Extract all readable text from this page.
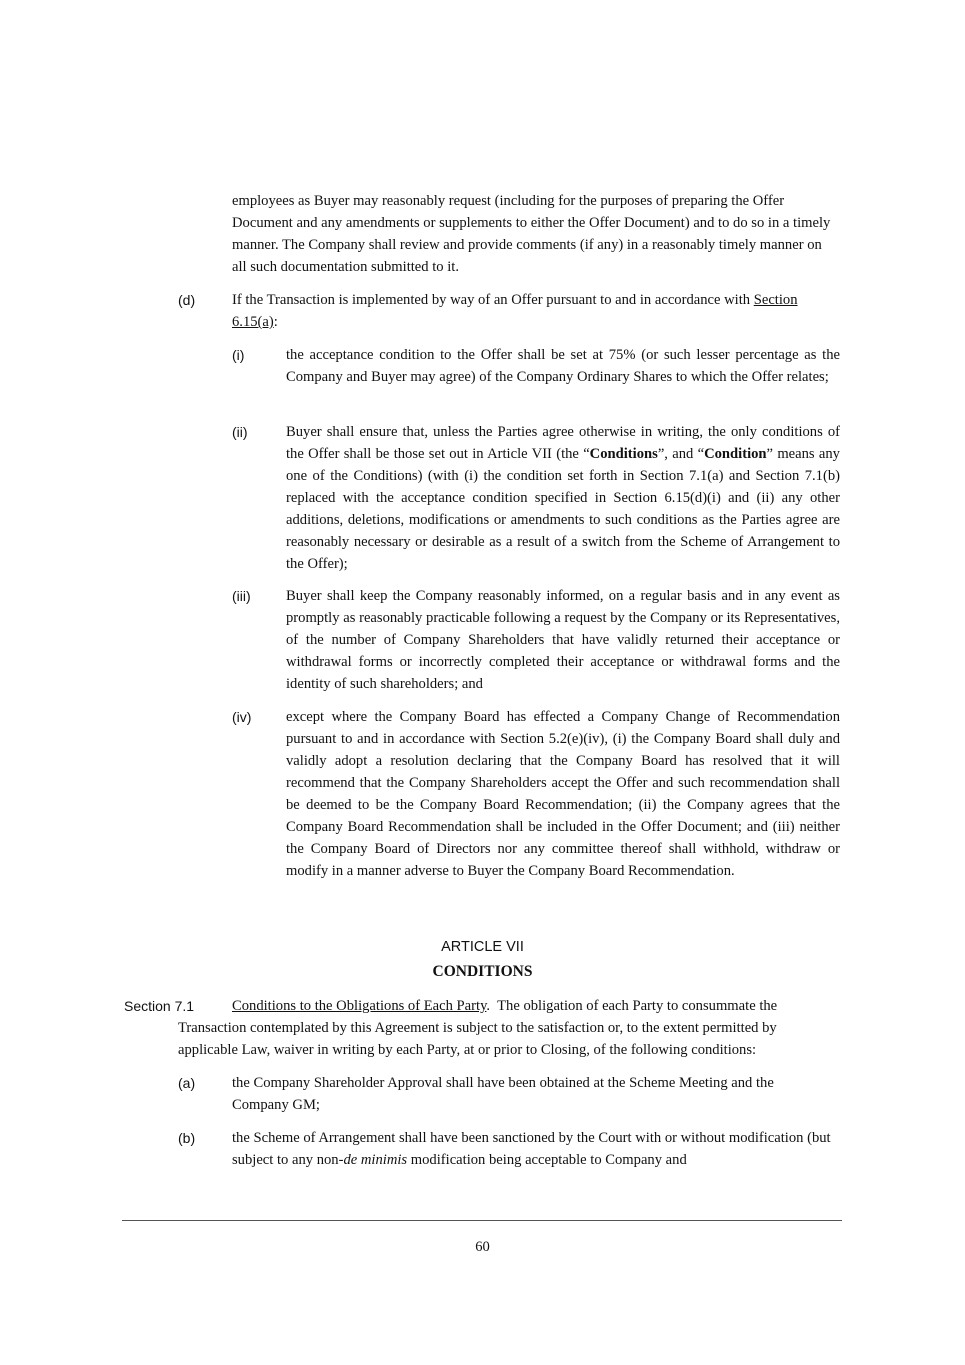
employees as Buyer may reasonably request (including for the purposes of preparing the Offer Document and any amendments or supplements to either the Offer Document) and to do so in a timely manner. The Company shall review and provide comments (if any) in a reasonably timely manner on all such documentation submitted to it.
(d)	If the Transaction is implemented by way of an Offer pursuant to and in accordance with Section 6.15(a):
(i)	the acceptance condition to the Offer shall be set at 75% (or such lesser percentage as the Company and Buyer may agree) of the Company Ordinary Shares to which the Offer relates;
(ii)	Buyer shall ensure that, unless the Parties agree otherwise in writing, the only conditions of the Offer shall be those set out in Article VII (the “Conditions”, and “Condition” means any one of the Conditions) (with (i) the condition set forth in Section 7.1(a) and Section 7.1(b) replaced with the acceptance condition specified in Section 6.15(d)(i) and (ii) any other additions, deletions, modifications or amendments to such conditions as the Parties agree are reasonably necessary or desirable as a result of a switch from the Scheme of Arrangement to the Offer);
(iii) Buyer shall keep the Company reasonably informed, on a regular basis and in any event as promptly as reasonably practicable following a request by the Company or its Representatives, of the number of Company Shareholders that have validly returned their acceptance or withdrawal forms or incorrectly completed their acceptance or withdrawal forms and the identity of such shareholders; and
(iv) except where the Company Board has effected a Company Change of Recommendation pursuant to and in accordance with Section 5.2(e)(iv), (i) the Company Board shall duly and validly adopt a resolution declaring that the Company Board has resolved that it will recommend that the Company Shareholders accept the Offer and such recommendation shall be deemed to be the Company Board Recommendation; (ii) the Company agrees that the Company Board Recommendation shall be included in the Offer Document; and (iii) neither the Company Board of Directors nor any committee thereof shall withhold, withdraw or modify in a manner adverse to Buyer the Company Board Recommendation.
ARTICLE VII
CONDITIONS
Section 7.1	Conditions to the Obligations of Each Party.  The obligation of each Party to consummate the Transaction contemplated by this Agreement is subject to the satisfaction or, to the extent permitted by applicable Law, waiver in writing by each Party, at or prior to Closing, of the following conditions:
(a)	the Company Shareholder Approval shall have been obtained at the Scheme Meeting and the Company GM;
(b)	the Scheme of Arrangement shall have been sanctioned by the Court with or without modification (but subject to any non-de minimis modification being acceptable to Company and
60
